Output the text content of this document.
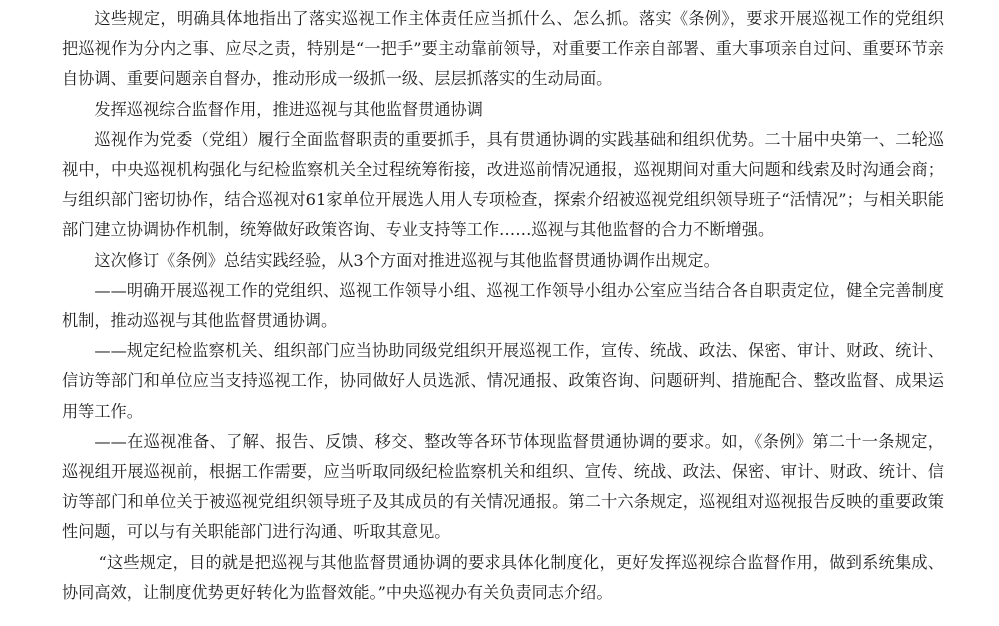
这些规定，明确具体地指出了落实巡视工作主体责任应当抓什么、怎么抓。落实《条例》，要求开展巡视工作的党组织把巡视作为分内之事、应尽之责，特别是“一把手”要主动靠前领导，对重要工作亲自部署、重大事项亲自过问、重要环节亲自协调、重要问题亲自督办，推动形成一级抓一级、层层抓落实的生动局面。

发挥巡视综合监督作用，推进巡视与其他监督贯通协调

巡视作为党委（党组）履行全面监督职责的重要抓手，具有贯通协调的实践基础和组织优势。二十届中央第一、二轮巡视中，中央巡视机构强化与纪检监察机关全过程统筹衔接，改进巡前情况通报，巡视期间对重大问题和线索及时沟通会商；与组织部门密切协作，结合巡视对61家单位开展选人用人专项检查，探索介绍被巡视党组织领导班子“活情况”；与相关职能部门建立协调协作机制，统筹做好政策咨询、专业支持等工作……巡视与其他监督的合力不断增强。

这次修订《条例》总结实践经验，从3个方面对推进巡视与其他监督贯通协调作出规定。

——明确开展巡视工作的党组织、巡视工作领导小组、巡视工作领导小组办公室应当结合各自职责定位，健全完善制度机制，推动巡视与其他监督贯通协调。

——规定纪检监察机关、组织部门应当协助同级党组织开展巡视工作，宣传、统战、政法、保密、审计、财政、统计、信访等部门和单位应当支持巡视工作，协同做好人员选派、情况通报、政策咨询、问题研判、措施配合、整改监督、成果运用等工作。

——在巡视准备、了解、报告、反馈、移交、整改等各环节体现监督贯通协调的要求。如，《条例》第二十一条规定，巡视组开展巡视前，根据工作需要，应当听取同级纪检监察机关和组织、宣传、统战、政法、保密、审计、财政、统计、信访等部门和单位关于被巡视党组织领导班子及其成员的有关情况通报。第二十六条规定，巡视组对巡视报告反映的重要政策性问题，可以与有关职能部门进行沟通、听取其意见。

“这些规定，目的就是把巡视与其他监督贯通协调的要求具体化制度化，更好发挥巡视综合监督作用，做到系统集成、协同高效，让制度优势更好转化为监督效能。”中央巡视办有关负责同志介绍。
